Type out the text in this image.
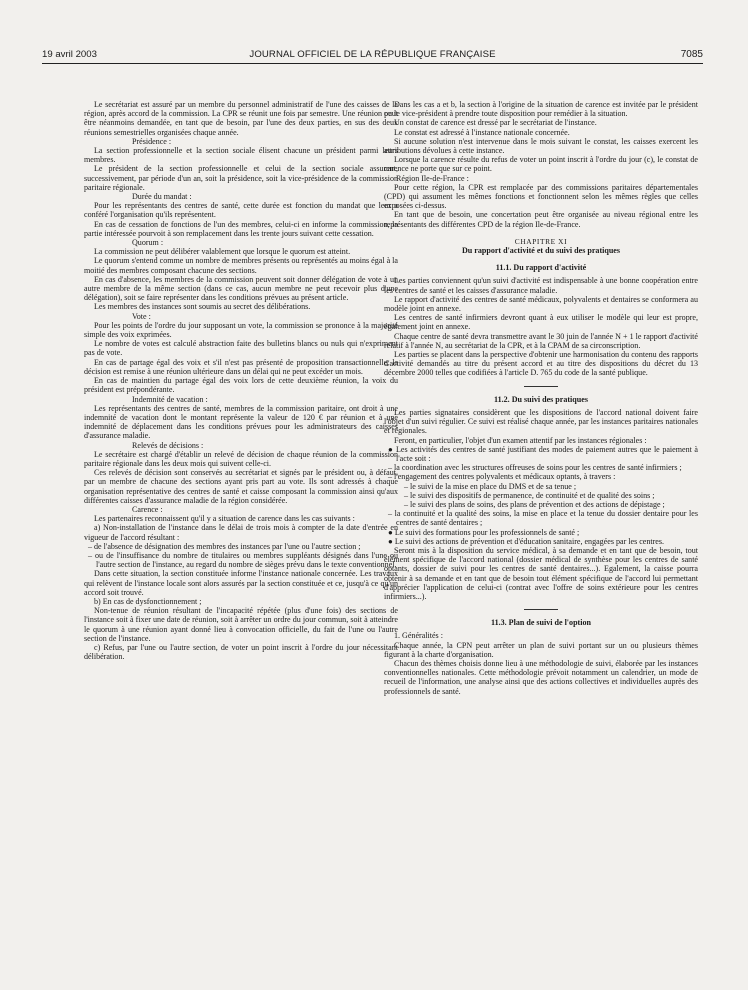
19 avril 2003	JOURNAL OFFICIEL DE LA RÉPUBLIQUE FRANÇAISE	7085

Le secrétariat est assuré par un membre du personnel administratif de l'une des caisses de la région, après accord de la commission. La CPR se réunit une fois par semestre. Une réunion peut être néanmoins demandée, en tant que de besoin, par l'une des deux parties, en sus des deux réunions semestrielles organisées chaque année.

Présidence :

La section professionnelle et la section sociale élisent chacune un président parmi leurs membres.

Le président de la section professionnelle et celui de la section sociale assurent, successivement, par période d'un an, soit la présidence, soit la vice-présidence de la commission paritaire régionale.

Durée du mandat :

Pour les représentants des centres de santé, cette durée est fonction du mandat que leur a conféré l'organisation qu'ils représentent.

En cas de cessation de fonctions de l'un des membres, celui-ci en informe la commission, la partie intéressée pourvoit à son remplacement dans les trente jours suivant cette cessation.

Quorum :

La commission ne peut délibérer valablement que lorsque le quorum est atteint.

Le quorum s'entend comme un nombre de membres présents ou représentés au moins égal à la moitié des membres composant chacune des sections.

En cas d'absence, les membres de la commission peuvent soit donner délégation de vote à un autre membre de la même section (dans ce cas, aucun membre ne peut recevoir plus d'une délégation), soit se faire représenter dans les conditions prévues au présent article.

Les membres des instances sont soumis au secret des délibérations.

Vote :

Pour les points de l'ordre du jour supposant un vote, la commission se prononce à la majorité simple des voix exprimées.

Le nombre de votes est calculé abstraction faite des bulletins blancs ou nuls qui n'expriment pas de vote.

En cas de partage égal des voix et s'il n'est pas présenté de proposition transactionnelle, la décision est remise à une réunion ultérieure dans un délai qui ne peut excéder un mois.

En cas de maintien du partage égal des voix lors de cette deuxième réunion, la voix du président est prépondérante.

Indemnité de vacation :

Les représentants des centres de santé, membres de la commission paritaire, ont droit à une indemnité de vacation dont le montant représente la valeur de 120 € par réunion et à une indemnité de déplacement dans les conditions prévues pour les administrateurs des caisses d'assurance maladie.

Relevés de décisions :

Le secrétaire est chargé d'établir un relevé de décision de chaque réunion de la commission paritaire régionale dans les deux mois qui suivent celle-ci.

Ces relevés de décision sont conservés au secrétariat et signés par le président ou, à défaut, par un membre de chacune des sections ayant pris part au vote. Ils sont adressés à chaque organisation représentative des centres de santé et caisse composant la commission ainsi qu'aux différentes caisses d'assurance maladie de la région considérée.

Carence :

Les partenaires reconnaissent qu'il y a situation de carence dans les cas suivants :

a) Non-installation de l'instance dans le délai de trois mois à compter de la date d'entrée en vigueur de l'accord résultant :

– de l'absence de désignation des membres des instances par l'une ou l'autre section ;

– ou de l'insuffisance du nombre de titulaires ou membres suppléants désignés dans l'une ou l'autre section de l'instance, au regard du nombre de sièges prévu dans le texte conventionnel.

Dans cette situation, la section constituée informe l'instance nationale concernée. Les travaux qui relèvent de l'instance locale sont alors assurés par la section constituée et ce, jusqu'à ce qu'un accord soit trouvé.

b) En cas de dysfonctionnement ;

Non-tenue de réunion résultant de l'incapacité répétée (plus d'une fois) des sections de l'instance soit à fixer une date de réunion, soit à arrêter un ordre du jour commun, soit à atteindre le quorum à une réunion ayant donné lieu à convocation officielle, du fait de l'une ou l'autre section de l'instance.

c) Refus, par l'une ou l'autre section, de voter un point inscrit à l'ordre du jour nécessitant délibération.

Dans les cas a et b, la section à l'origine de la situation de carence est invitée par le président ou le vice-président à prendre toute disposition pour remédier à la situation.

Un constat de carence est dressé par le secrétariat de l'instance.

Le constat est adressé à l'instance nationale concernée.

Si aucune solution n'est intervenue dans le mois suivant le constat, les caisses exercent les attributions dévolues à cette instance.

Lorsque la carence résulte du refus de voter un point inscrit à l'ordre du jour (c), le constat de carence ne porte que sur ce point.

Région Ile-de-France :

Pour cette région, la CPR est remplacée par des commissions paritaires départementales (CPD) qui assument les mêmes fonctions et fonctionnent selon les mêmes règles que celles exposées ci-dessus.

En tant que de besoin, une concertation peut être organisée au niveau régional entre les représentants des différentes CPD de la région Ile-de-France.

CHAPITRE XI

Du rapport d'activité et du suivi des pratiques

11.1. Du rapport d'activité

Les parties conviennent qu'un suivi d'activité est indispensable à une bonne coopération entre les centres de santé et les caisses d'assurance maladie.

Le rapport d'activité des centres de santé médicaux, polyvalents et dentaires se conformera au modèle joint en annexe.

Les centres de santé infirmiers devront quant à eux utiliser le modèle qui leur est propre, également joint en annexe.

Chaque centre de santé devra transmettre avant le 30 juin de l'année N + 1 le rapport d'activité relatif à l'année N, au secrétariat de la CPR, et à la CPAM de sa circonscription.

Les parties se placent dans la perspective d'obtenir une harmonisation du contenu des rapports d'activité demandés au titre du présent accord et au titre des dispositions du décret du 13 décembre 2000 telles que codifiées à l'article D. 765 du code de la santé publique.

11.2. Du suivi des pratiques

Les parties signataires considèrent que les dispositions de l'accord national doivent faire l'objet d'un suivi régulier. Ce suivi est réalisé chaque année, par les instances paritaires nationales et régionales.

Feront, en particulier, l'objet d'un examen attentif par les instances régionales :

● Les activités des centres de santé justifiant des modes de paiement autres que le paiement à l'acte soit :

– la coordination avec les structures offreuses de soins pour les centres de santé infirmiers ;

– l'engagement des centres polyvalents et médicaux optants, à travers :

– le suivi de la mise en place du DMS et de sa tenue ;

– le suivi des dispositifs de permanence, de continuité et de qualité des soins ;

– le suivi des plans de soins, des plans de prévention et des actions de dépistage ;

– la continuité et la qualité des soins, la mise en place et la tenue du dossier dentaire pour les centres de santé dentaires ;

● Le suivi des formations pour les professionnels de santé ;

● Le suivi des actions de prévention et d'éducation sanitaire, engagées par les centres.

Seront mis à la disposition du service médical, à sa demande et en tant que de besoin, tout élément spécifique de l'accord national (dossier médical de synthèse pour les centres de santé optants, dossier de suivi pour les centres de santé dentaires...). Egalement, la caisse pourra obtenir à sa demande et en tant que de besoin tout élément spécifique de l'accord lui permettant d'apprécier l'application de celui-ci (contrat avec l'offre de soins extérieure pour les centres infirmiers...).

11.3. Plan de suivi de l'option

1. Généralités :

Chaque année, la CPN peut arrêter un plan de suivi portant sur un ou plusieurs thèmes figurant à la charte d'organisation.

Chacun des thèmes choisis donne lieu à une méthodologie de suivi, élaborée par les instances conventionnelles nationales. Cette méthodologie prévoit notamment un calendrier, un mode de recueil de l'information, une analyse ainsi que des actions collectives et individuelles auprès des professionnels de santé.
